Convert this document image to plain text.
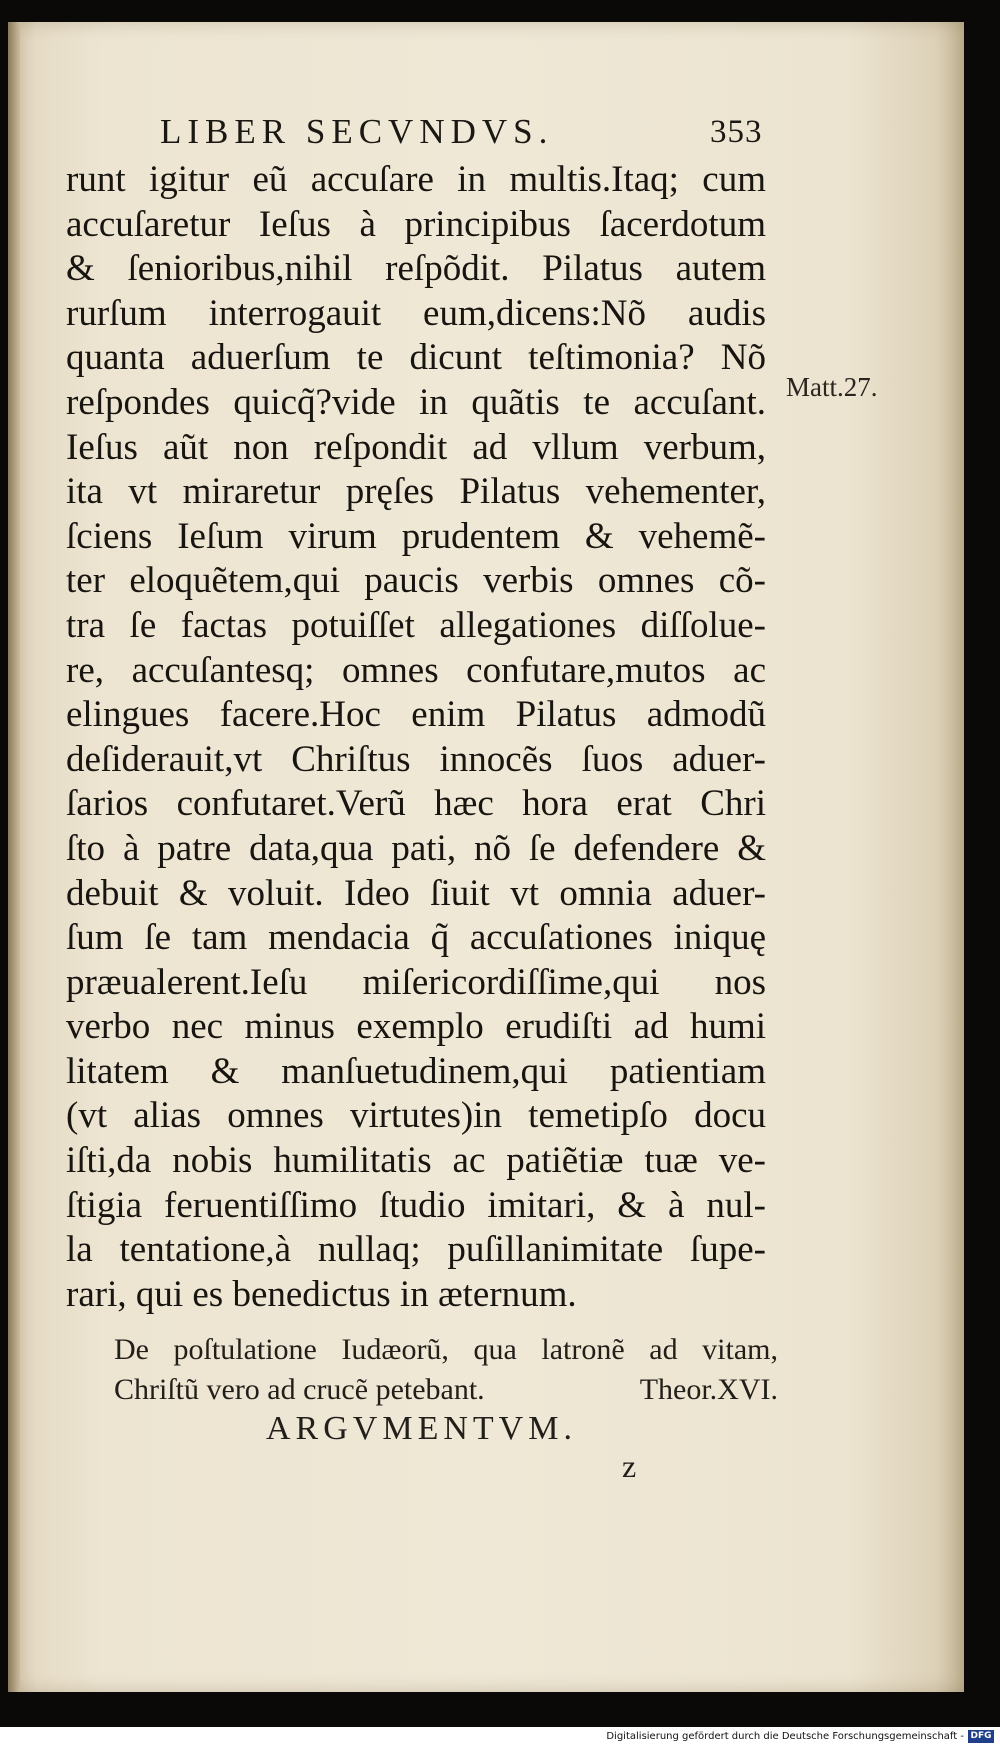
LIBER SECVNDVS.	353
runt igitur eũ accuſare in multis.Itaq; cum
accuſaretur Ieſus à principibus ſacerdotum
& ſenioribus,nihil reſpõdit. Pilatus autem
rurſum interrogauit eum,dicens:Nõ audis
quanta aduerſum te dicunt teſtimonia? Nõ
reſpondes quicq̃?vide in quãtis te accuſant.
Ieſus aũt non reſpondit ad vllum verbum,
ita vt miraretur pręſes Pilatus vehementer,
ſciens Ieſum virum prudentem & vehemẽ-
ter eloquẽtem,qui paucis verbis omnes cõ-
tra ſe factas potuiſſet allegationes diſſolue-
re, accuſantesq; omnes confutare,mutos ac
elingues facere.Hoc enim Pilatus admodũ
deſiderauit,vt Chriſtus innocẽs ſuos aduer-
ſarios confutaret.Verũ hæc hora erat Chri
ſto à patre data,qua pati, nõ ſe defendere &
debuit & voluit. Ideo ſiuit vt omnia aduer-
ſum ſe tam mendacia q̃ accuſationes iniquę
præualerent.Ieſu miſericordiſſime,qui nos
verbo nec minus exemplo erudiſti ad humi
litatem & manſuetudinem,qui patientiam
(vt alias omnes virtutes)in temetipſo docu
iſti,da nobis humilitatis ac patiẽtiæ tuæ ve-
ſtigia feruentiſſimo ſtudio imitari, & à nul-
la tentatione,à nullaq; puſillanimitate ſupe-
rari, qui es benedictus in æternum.
Matt.27.
De poſtulatione Iudæorũ, qua latronẽ ad vitam,
Chriſtũ vero ad crucẽ petebant.	Theor.XVI.
ARGVMENTVM.
z
Digitalisierung gefördert durch die Deutsche Forschungsgemeinschaft - DFG
